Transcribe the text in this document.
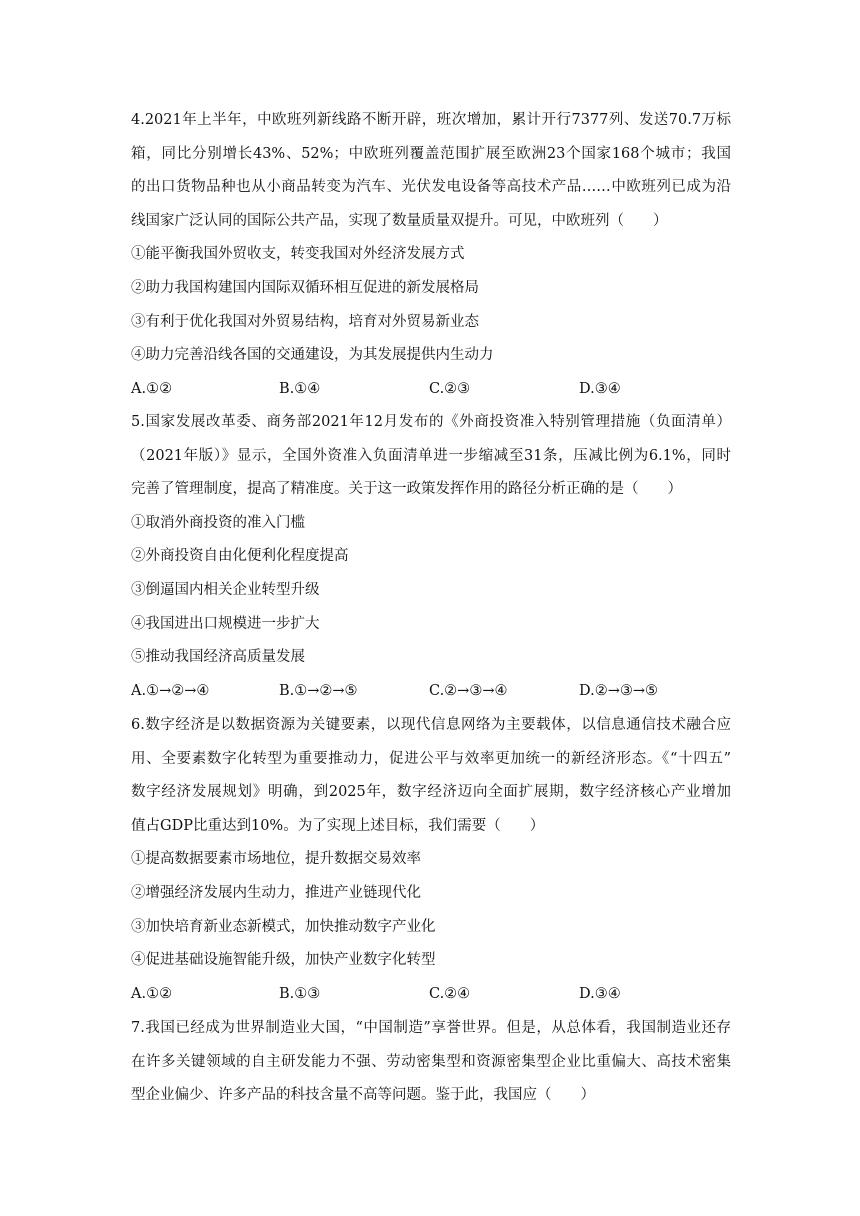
4.2021年上半年，中欧班列新线路不断开辟，班次增加，累计开行7377列、发送70.7万标
箱，同比分别增长43%、52%；中欧班列覆盖范围扩展至欧洲23个国家168个城市；我国
的出口货物品种也从小商品转变为汽车、光伏发电设备等高技术产品……中欧班列已成为沿
线国家广泛认同的国际公共产品，实现了数量质量双提升。可见，中欧班列（　　）
①能平衡我国外贸收支，转变我国对外经济发展方式
②助力我国构建国内国际双循环相互促进的新发展格局
③有利于优化我国对外贸易结构，培育对外贸易新业态
④助力完善沿线各国的交通建设，为其发展提供内生动力
A.①②	B.①④	C.②③	D.③④
5.国家发展改革委、商务部2021年12月发布的《外商投资准入特别管理措施（负面清单）
（2021年版）》显示，全国外资准入负面清单进一步缩减至31条，压减比例为6.1%，同时
完善了管理制度，提高了精准度。关于这一政策发挥作用的路径分析正确的是（　　）
①取消外商投资的准入门槛
②外商投资自由化便利化程度提高
③倒逼国内相关企业转型升级
④我国进出口规模进一步扩大
⑤推动我国经济高质量发展
A.①→②→④	B.①→②→⑤	C.②→③→④	D.②→③→⑤
6.数字经济是以数据资源为关键要素，以现代信息网络为主要载体，以信息通信技术融合应
用、全要素数字化转型为重要推动力，促进公平与效率更加统一的新经济形态。《“十四五”
数字经济发展规划》明确，到2025年，数字经济迈向全面扩展期，数字经济核心产业增加
值占GDP比重达到10%。为了实现上述目标，我们需要（　　）
①提高数据要素市场地位，提升数据交易效率
②增强经济发展内生动力，推进产业链现代化
③加快培育新业态新模式，加快推动数字产业化
④促进基础设施智能升级，加快产业数字化转型
A.①②	B.①③	C.②④	D.③④
7.我国已经成为世界制造业大国，“中国制造”享誉世界。但是，从总体看，我国制造业还存
在许多关键领域的自主研发能力不强、劳动密集型和资源密集型企业比重偏大、高技术密集
型企业偏少、许多产品的科技含量不高等问题。鉴于此，我国应（　　）
